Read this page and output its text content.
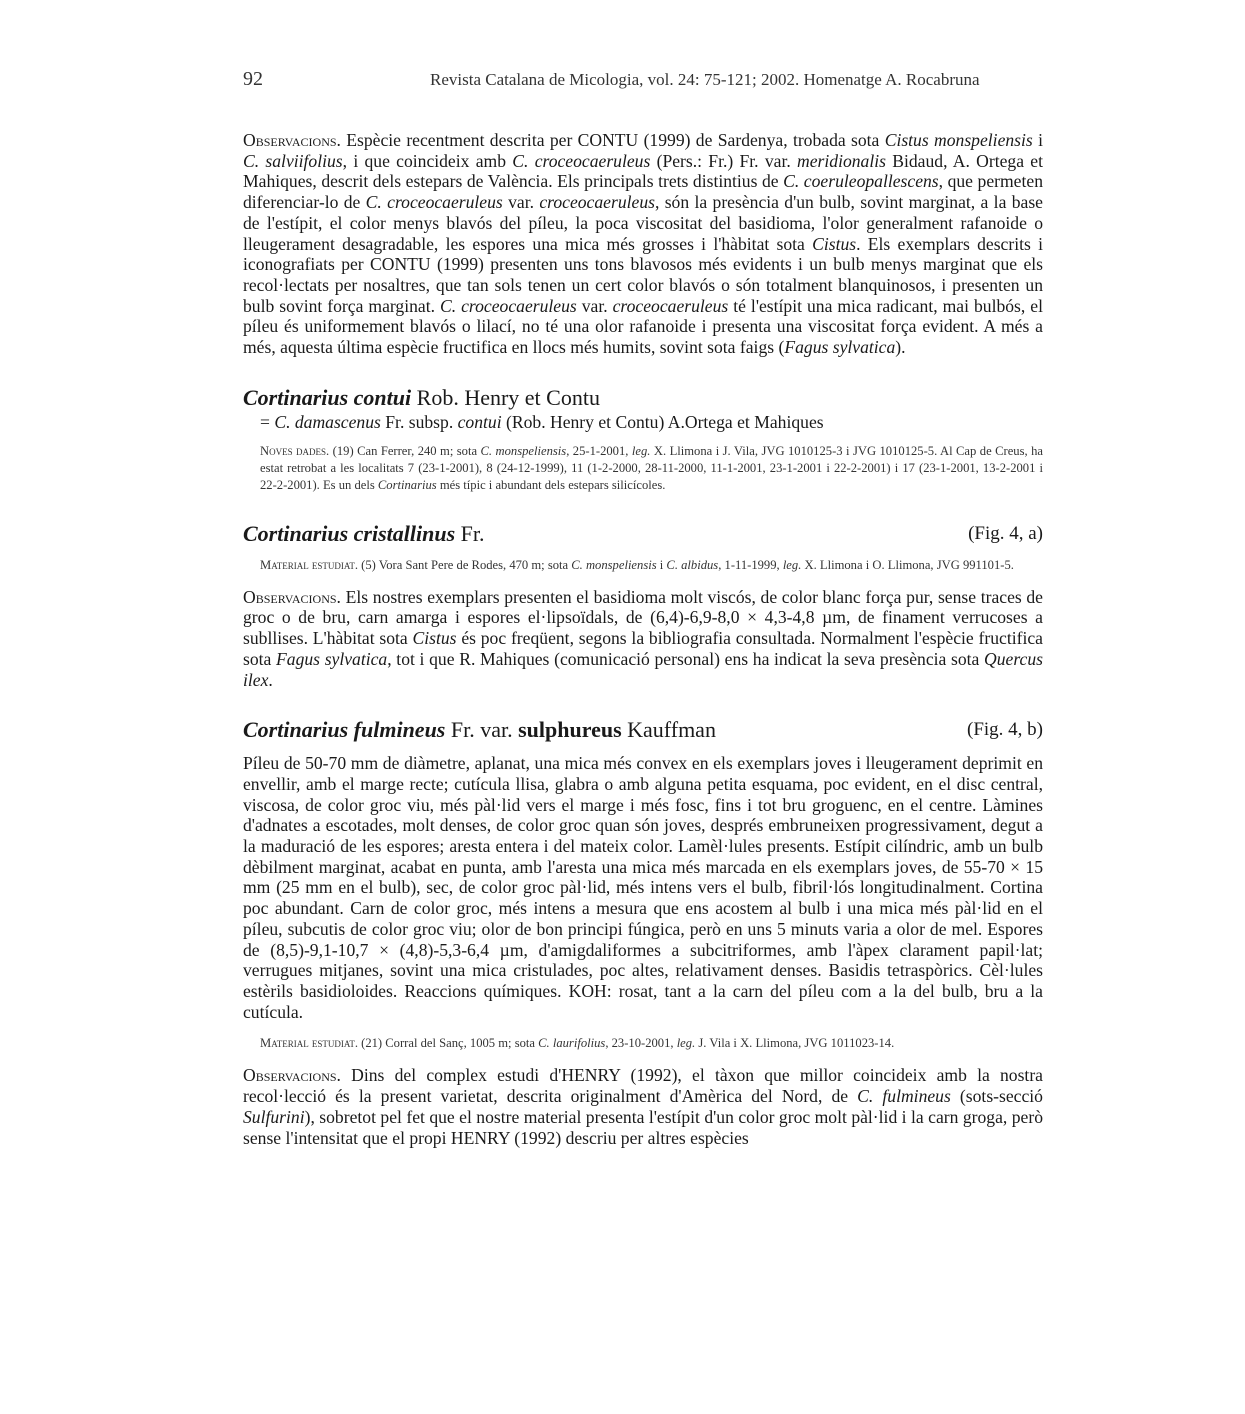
92	Revista Catalana de Micologia, vol. 24: 75-121; 2002. Homenatge A. Rocabruna

Observacions. Espècie recentment descrita per CONTU (1999) de Sardenya, trobada sota Cistus monspeliensis i C. salviifolius, i que coincideix amb C. croceocaeruleus (Pers.: Fr.) Fr. var. meridionalis Bidaud, A. Ortega et Mahiques, descrit dels estepars de València. Els principals trets distintius de C. coeruleopallescens, que permeten diferenciar-lo de C. croceocaeruleus var. croceocaeruleus, són la presència d'un bulb, sovint marginat, a la base de l'estípit, el color menys blavós del píleu, la poca viscositat del basidioma, l'olor generalment rafanoide o lleugerament desagradable, les espores una mica més grosses i l'hàbitat sota Cistus. Els exemplars descrits i iconografiats per CONTU (1999) presenten uns tons blavosos més evidents i un bulb menys marginat que els recol·lectats per nosaltres, que tan sols tenen un cert color blavós o són totalment blanquinosos, i presenten un bulb sovint força marginat. C. croceocaeruleus var. croceocaeruleus té l'estípit una mica radicant, mai bulbós, el píleu és uniformement blavós o lilací, no té una olor rafanoide i presenta una viscositat força evident. A més a més, aquesta última espècie fructifica en llocs més humits, sovint sota faigs (Fagus sylvatica).

Cortinarius contui Rob. Henry et Contu

= C. damascenus Fr. subsp. contui (Rob. Henry et Contu) A.Ortega et Mahiques

Noves dades. (19) Can Ferrer, 240 m; sota C. monspeliensis, 25-1-2001, leg. X. Llimona i J. Vila, JVG 1010125-3 i JVG 1010125-5. Al Cap de Creus, ha estat retrobat a les localitats 7 (23-1-2001), 8 (24-12-1999), 11 (1-2-2000, 28-11-2000, 11-1-2001, 23-1-2001 i 22-2-2001) i 17 (23-1-2001, 13-2-2001 i 22-2-2001). Es un dels Cortinarius més típic i abundant dels estepars silicícoles.

Cortinarius cristallinus Fr.	(Fig. 4, a)

Material estudiat. (5) Vora Sant Pere de Rodes, 470 m; sota C. monspeliensis i C. albidus, 1-11-1999, leg. X. Llimona i O. Llimona, JVG 991101-5.

Observacions. Els nostres exemplars presenten el basidioma molt viscós, de color blanc força pur, sense traces de groc o de bru, carn amarga i espores el·lipsoïdals, de (6,4)-6,9-8,0 × 4,3-4,8 µm, de finament verrucoses a subllises. L'hàbitat sota Cistus és poc freqüent, segons la bibliografia consultada. Normalment l'espècie fructifica sota Fagus sylvatica, tot i que R. Mahiques (comunicació personal) ens ha indicat la seva presència sota Quercus ilex.

Cortinarius fulmineus Fr. var. sulphureus Kauffman	(Fig. 4, b)

Píleu de 50-70 mm de diàmetre, aplanat, una mica més convex en els exemplars joves i lleugerament deprimit en envellir, amb el marge recte; cutícula llisa, glabra o amb alguna petita esquama, poc evident, en el disc central, viscosa, de color groc viu, més pàl·lid vers el marge i més fosc, fins i tot bru groguenc, en el centre. Làmines d'adnates a escotades, molt denses, de color groc quan són joves, després embruneixen progressivament, degut a la maduració de les espores; aresta entera i del mateix color. Lamèl·lules presents. Estípit cilíndric, amb un bulb dèbilment marginat, acabat en punta, amb l'aresta una mica més marcada en els exemplars joves, de 55-70 × 15 mm (25 mm en el bulb), sec, de color groc pàl·lid, més intens vers el bulb, fibril·lós longitudinalment. Cortina poc abundant. Carn de color groc, més intens a mesura que ens acostem al bulb i una mica més pàl·lid en el píleu, subcutis de color groc viu; olor de bon principi fúngica, però en uns 5 minuts varia a olor de mel. Espores de (8,5)-9,1-10,7 × (4,8)-5,3-6,4 µm, d'amigdaliformes a subcitriformes, amb l'àpex clarament papil·lat; verrugues mitjanes, sovint una mica cristulades, poc altes, relativament denses. Basidis tetraspòrics. Cèl·lules estèrils basidioloides. Reaccions químiques. KOH: rosat, tant a la carn del píleu com a la del bulb, bru a la cutícula.

Material estudiat. (21) Corral del Sanç, 1005 m; sota C. laurifolius, 23-10-2001, leg. J. Vila i X. Llimona, JVG 1011023-14.

Observacions. Dins del complex estudi d'HENRY (1992), el tàxon que millor coincideix amb la nostra recol·lecció és la present varietat, descrita originalment d'Amèrica del Nord, de C. fulmineus (sots-secció Sulfurini), sobretot pel fet que el nostre material presenta l'estípit d'un color groc molt pàl·lid i la carn groga, però sense l'intensitat que el propi HENRY (1992) descriu per altres espècies
